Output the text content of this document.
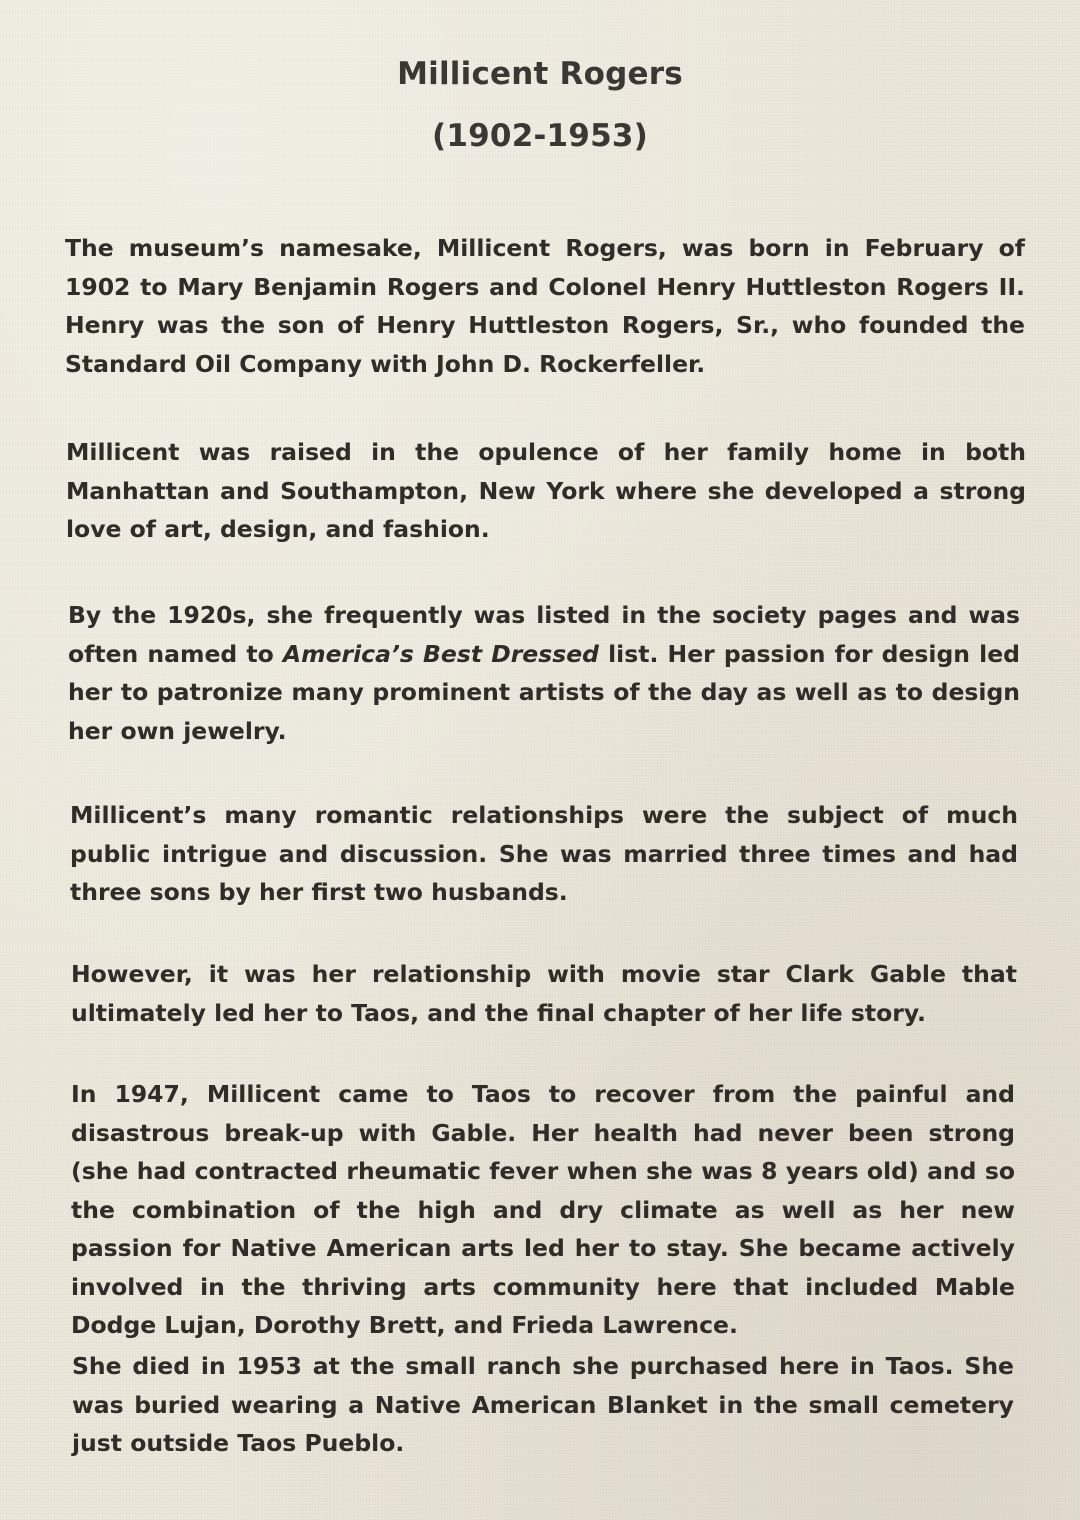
Millicent Rogers
(1902-1953)

The museum’s namesake, Millicent Rogers, was born in February of 1902 to Mary Benjamin Rogers and Colonel Henry Huttleston Rogers II. Henry was the son of Henry Huttleston Rogers, Sr., who founded the Standard Oil Company with John D. Rockerfeller.

Millicent was raised in the opulence of her family home in both Manhattan and Southampton, New York where she developed a strong love of art, design, and fashion.

By the 1920s, she frequently was listed in the society pages and was often named to America’s Best Dressed list. Her passion for design led her to patronize many prominent artists of the day as well as to design her own jewelry.

Millicent’s many romantic relationships were the subject of much public intrigue and discussion. She was married three times and had three sons by her first two husbands.

However, it was her relationship with movie star Clark Gable that ultimately led her to Taos, and the final chapter of her life story.

In 1947, Millicent came to Taos to recover from the painful and disastrous break-up with Gable. Her health had never been strong (she had contracted rheumatic fever when she was 8 years old) and so the combination of the high and dry climate as well as her new passion for Native American arts led her to stay. She became actively involved in the thriving arts community here that included Mable Dodge Lujan, Dorothy Brett, and Frieda Lawrence.

She died in 1953 at the small ranch she purchased here in Taos. She was buried wearing a Native American Blanket in the small cemetery just outside Taos Pueblo.
